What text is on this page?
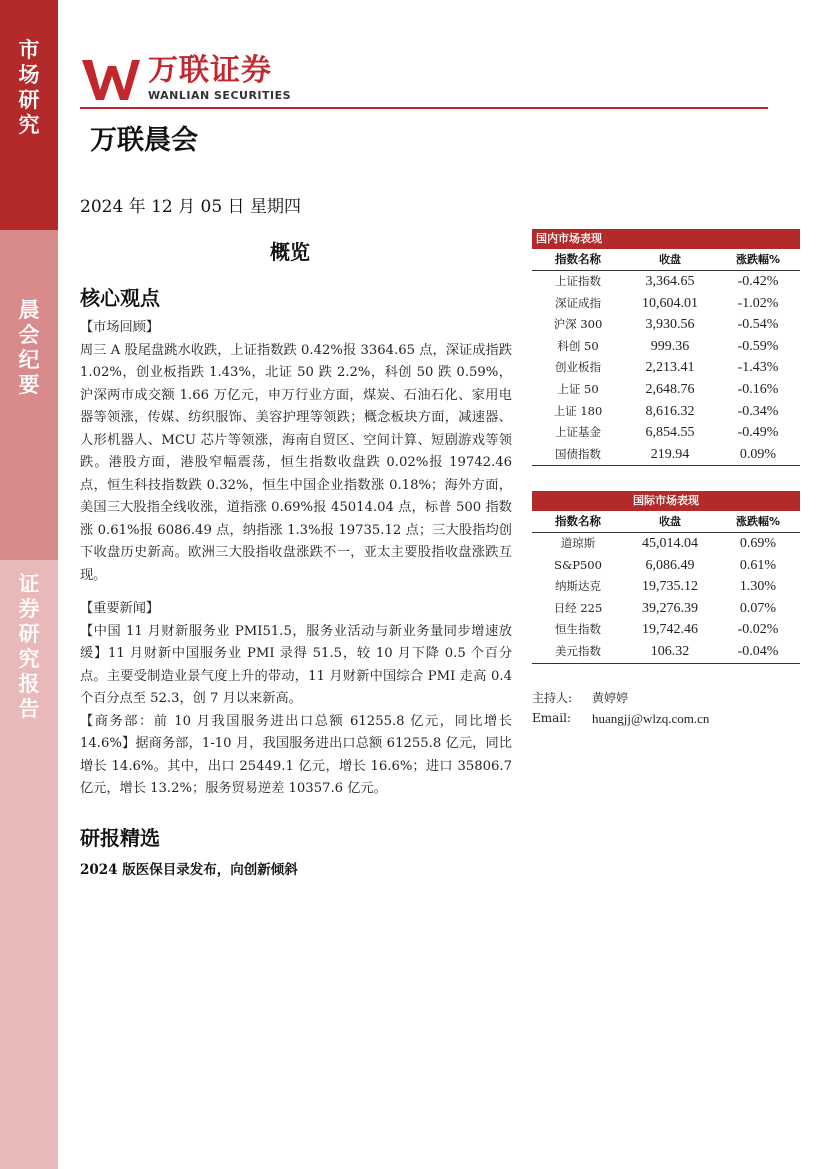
市场研究
晨会纪要
证券研究报告
万联证券
WANLIAN SECURITIES
万联晨会
2024 年 12 月 05 日 星期四
概览
核心观点
【市场回顾】
周三 A 股尾盘跳水收跌，上证指数跌 0.42%报 3364.65 点，深证成指跌 1.02%，创业板指跌 1.43%，北证 50 跌 2.2%，科创 50 跌 0.59%，沪深两市成交额 1.66 万亿元，申万行业方面，煤炭、石油石化、家用电器等领涨，传媒、纺织服饰、美容护理等领跌；概念板块方面，减速器、人形机器人、MCU 芯片等领涨，海南自贸区、空间计算、短剧游戏等领跌。港股方面，港股窄幅震荡，恒生指数收盘跌 0.02%报 19742.46 点，恒生科技指数跌 0.32%，恒生中国企业指数涨 0.18%；海外方面，美国三大股指全线收涨，道指涨 0.69%报 45014.04 点，标普 500 指数涨 0.61%报 6086.49 点，纳指涨 1.3%报 19735.12 点；三大股指均创下收盘历史新高。欧洲三大股指收盘涨跌不一，亚太主要股指收盘涨跌互现。
【重要新闻】
【中国 11 月财新服务业 PMI51.5，服务业活动与新业务量同步增速放缓】11 月财新中国服务业 PMI 录得 51.5，较 10 月下降 0.5 个百分点。主要受制造业景气度上升的带动，11 月财新中国综合 PMI 走高 0.4 个百分点至 52.3，创 7 月以来新高。
【商务部：前 10 月我国服务进出口总额 61255.8 亿元，同比增长 14.6%】据商务部，1-10 月，我国服务进出口总额 61255.8 亿元，同比增长 14.6%。其中，出口 25449.1 亿元，增长 16.6%；进口 35806.7 亿元，增长 13.2%；服务贸易逆差 10357.6 亿元。
研报精选
2024 版医保目录发布，向创新倾斜
国内市场表现
指数名称	收盘	涨跌幅%
上证指数	3,364.65	-0.42%
深证成指	10,604.01	-1.02%
沪深 300	3,930.56	-0.54%
科创 50	999.36	-0.59%
创业板指	2,213.41	-1.43%
上证 50	2,648.76	-0.16%
上证 180	8,616.32	-0.34%
上证基金	6,854.55	-0.49%
国债指数	219.94	0.09%
国际市场表现
指数名称	收盘	涨跌幅%
道琼斯	45,014.04	0.69%
S&P500	6,086.49	0.61%
纳斯达克	19,735.12	1.30%
日经 225	39,276.39	0.07%
恒生指数	19,742.46	-0.02%
美元指数	106.32	-0.04%
主持人:	黄婷婷
Email:	huangjj@wlzq.com.cn
